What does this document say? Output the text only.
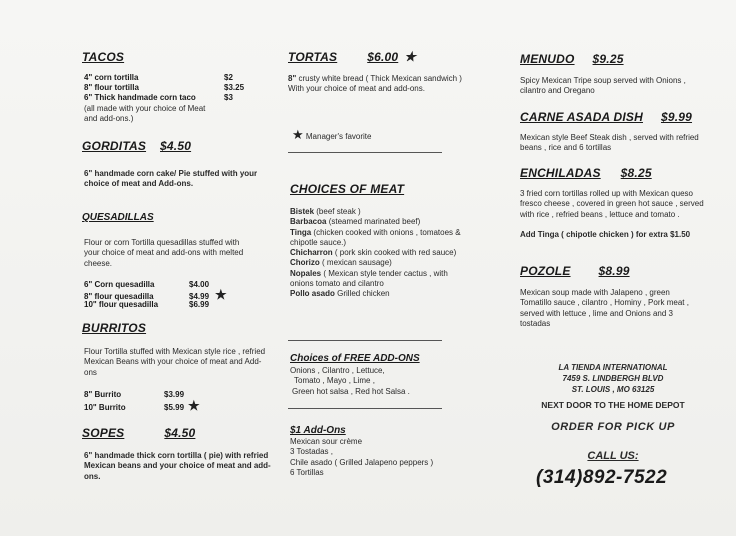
TACOS
4" corn tortilla	$2
8" flour tortilla	$3.25
6" Thick handmade corn taco	$3
(all made with your choice of Meat and add-ons.)
GORDITAS $4.50
6" handmade corn cake/ Pie stuffed with your choice of meat and Add-ons.
QUESADILLAS
Flour or corn Tortilla quesadillas stuffed with your choice of meat and add-ons with melted cheese.
6" Corn quesadilla	$4.00
8" flour quesadilla	$4.99 ★
10" flour quesadilla	$6.99
BURRITOS
Flour Tortilla stuffed with Mexican style rice , refried Mexican Beans with your choice of meat and Add-ons
8" Burrito	$3.99
10" Burrito	$5.99 ★
SOPES	$4.50
6" handmade thick corn tortilla ( pie) with refried Mexican beans and your choice of meat and add-ons.
TORTAS	$6.00 ★
8" crusty white bread ( Thick Mexican sandwich ) With your choice of meat and add-ons.
★ Manager's favorite
CHOICES OF MEAT
Bistek (beef steak )
Barbacoa (steamed marinated beef)
Tinga (chicken cooked with onions , tomatoes & chipotle sauce.)
Chicharron ( pork skin cooked with red sauce)
Chorizo ( mexican sausage)
Nopales ( Mexican style tender cactus , with onions tomato and cilantro
Pollo asado Grilled chicken
Choices of FREE ADD-ONS
Onions , Cilantro , Lettuce,
Tomato , Mayo , Lime ,
Green hot salsa , Red hot Salsa .
$1 Add-Ons
Mexican sour crème
3 Tostadas ,
Chile asado ( Grilled Jalapeno peppers )
6 Tortillas
MENUDO $9.25
Spicy Mexican Tripe soup served with Onions , cilantro and Oregano
CARNE ASADA DISH $9.99
Mexican style Beef Steak dish , served with refried beans , rice and 6 tortillas
ENCHILADAS $8.25
3 fried corn tortillas rolled up with Mexican queso fresco cheese , covered in green hot sauce , served with rice , refried beans , lettuce and tomato .
Add Tinga ( chipotle chicken ) for extra $1.50
POZOLE $8.99
Mexican soup made with Jalapeno , green Tomatillo sauce , cilantro , Hominy , Pork meat , served with lettuce , lime and Onions and 3 tostadas
LA TIENDA INTERNATIONAL
7459 S. LINDBERGH BLVD
ST. LOUIS , MO 63125
NEXT DOOR TO THE HOME DEPOT
ORDER FOR PICK UP
CALL US:
(314)892-7522
